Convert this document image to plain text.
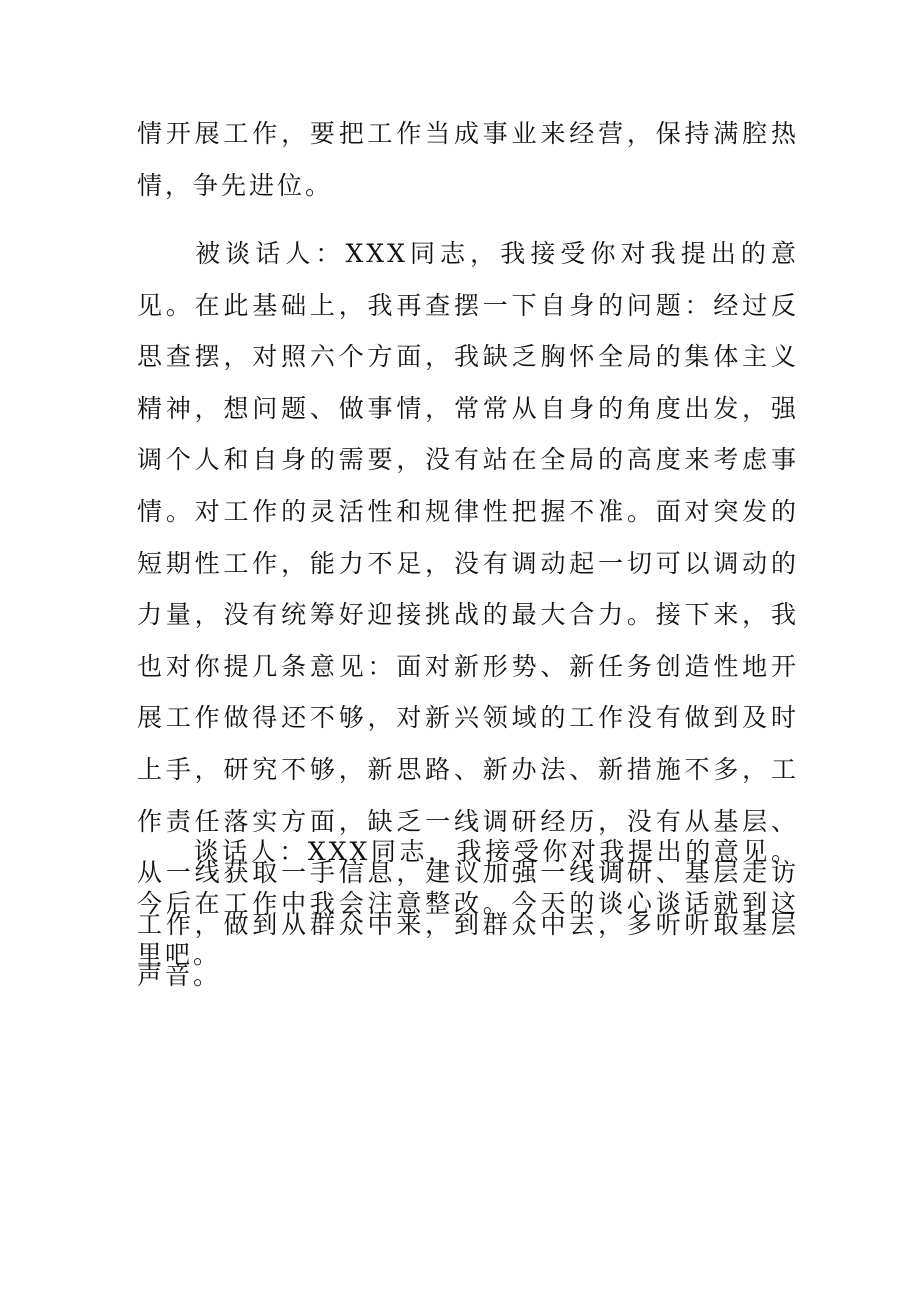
情开展工作，要把工作当成事业来经营，保持满腔热情，争先进位。

被谈话人：XXX同志，我接受你对我提出的意见。在此基础上，我再查摆一下自身的问题：经过反思查摆，对照六个方面，我缺乏胸怀全局的集体主义精神，想问题、做事情，常常从自身的角度出发，强调个人和自身的需要，没有站在全局的高度来考虑事情。对工作的灵活性和规律性把握不准。面对突发的短期性工作，能力不足，没有调动起一切可以调动的力量，没有统筹好迎接挑战的最大合力。接下来，我也对你提几条意见：面对新形势、新任务创造性地开展工作做得还不够，对新兴领域的工作没有做到及时上手，研究不够，新思路、新办法、新措施不多，工作责任落实方面，缺乏一线调研经历，没有从基层、从一线获取一手信息，建议加强一线调研、基层走访工作，做到从群众中来，到群众中去，多听听取基层声音。

谈话人：XXX同志，我接受你对我提出的意见。今后在工作中我会注意整改。今天的谈心谈话就到这里吧。
